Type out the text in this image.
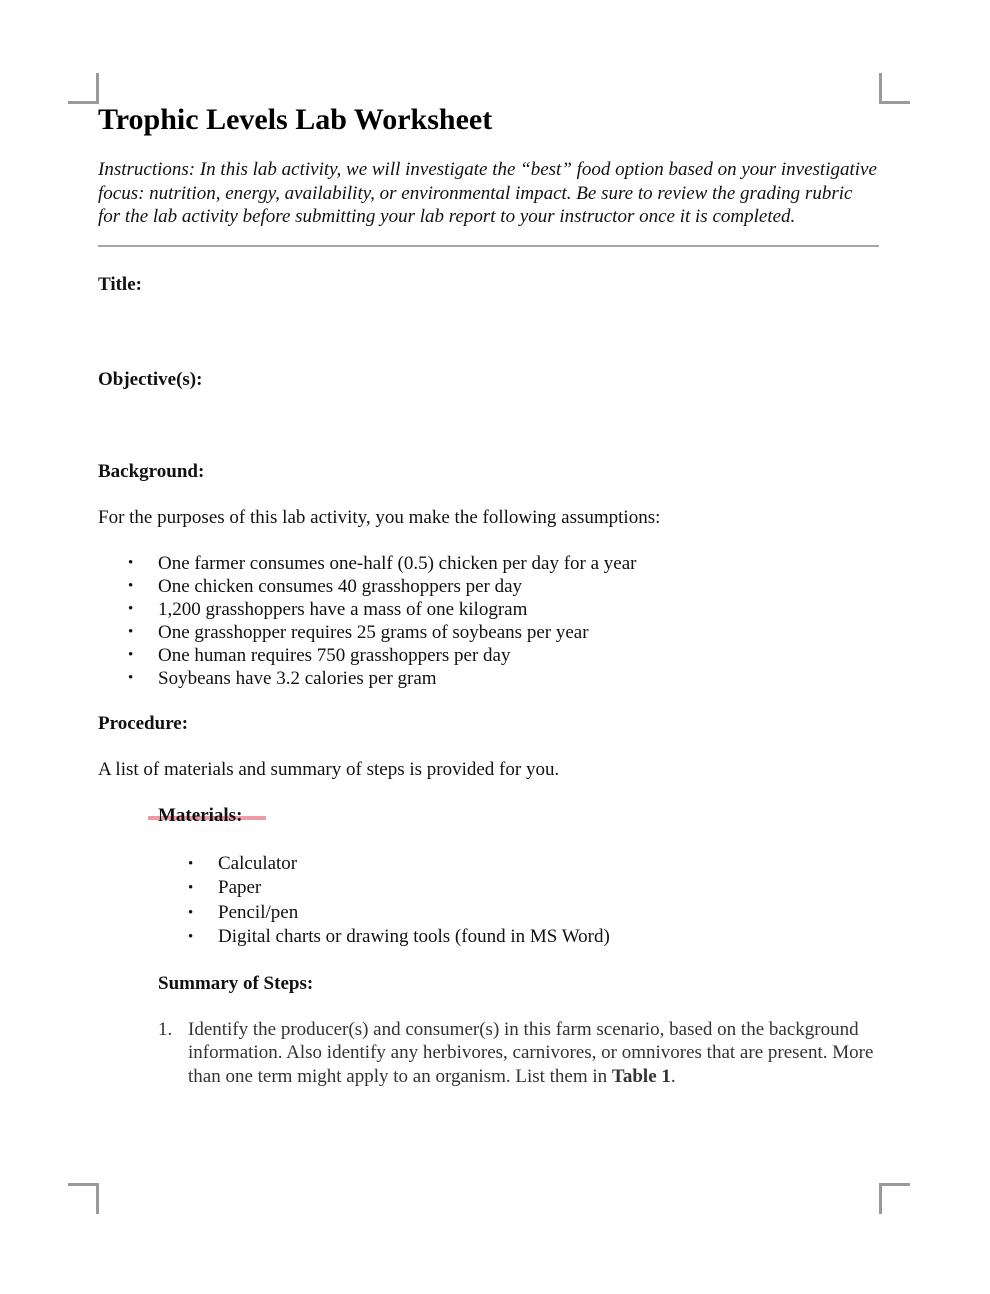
Trophic Levels Lab Worksheet

Instructions: In this lab activity, we will investigate the “best” food option based on your investigative focus: nutrition, energy, availability, or environmental impact. Be sure to review the grading rubric for the lab activity before submitting your lab report to your instructor once it is completed.

Title:

Objective(s):

Background:

For the purposes of this lab activity, you make the following assumptions:

• One farmer consumes one-half (0.5) chicken per day for a year
• One chicken consumes 40 grasshoppers per day
• 1,200 grasshoppers have a mass of one kilogram
• One grasshopper requires 25 grams of soybeans per year
• One human requires 750 grasshoppers per day
• Soybeans have 3.2 calories per gram

Procedure:

A list of materials and summary of steps is provided for you.

Materials:

• Calculator
• Paper
• Pencil/pen
• Digital charts or drawing tools (found in MS Word)

Summary of Steps:

1. Identify the producer(s) and consumer(s) in this farm scenario, based on the background information. Also identify any herbivores, carnivores, or omnivores that are present. More than one term might apply to an organism. List them in Table 1.
